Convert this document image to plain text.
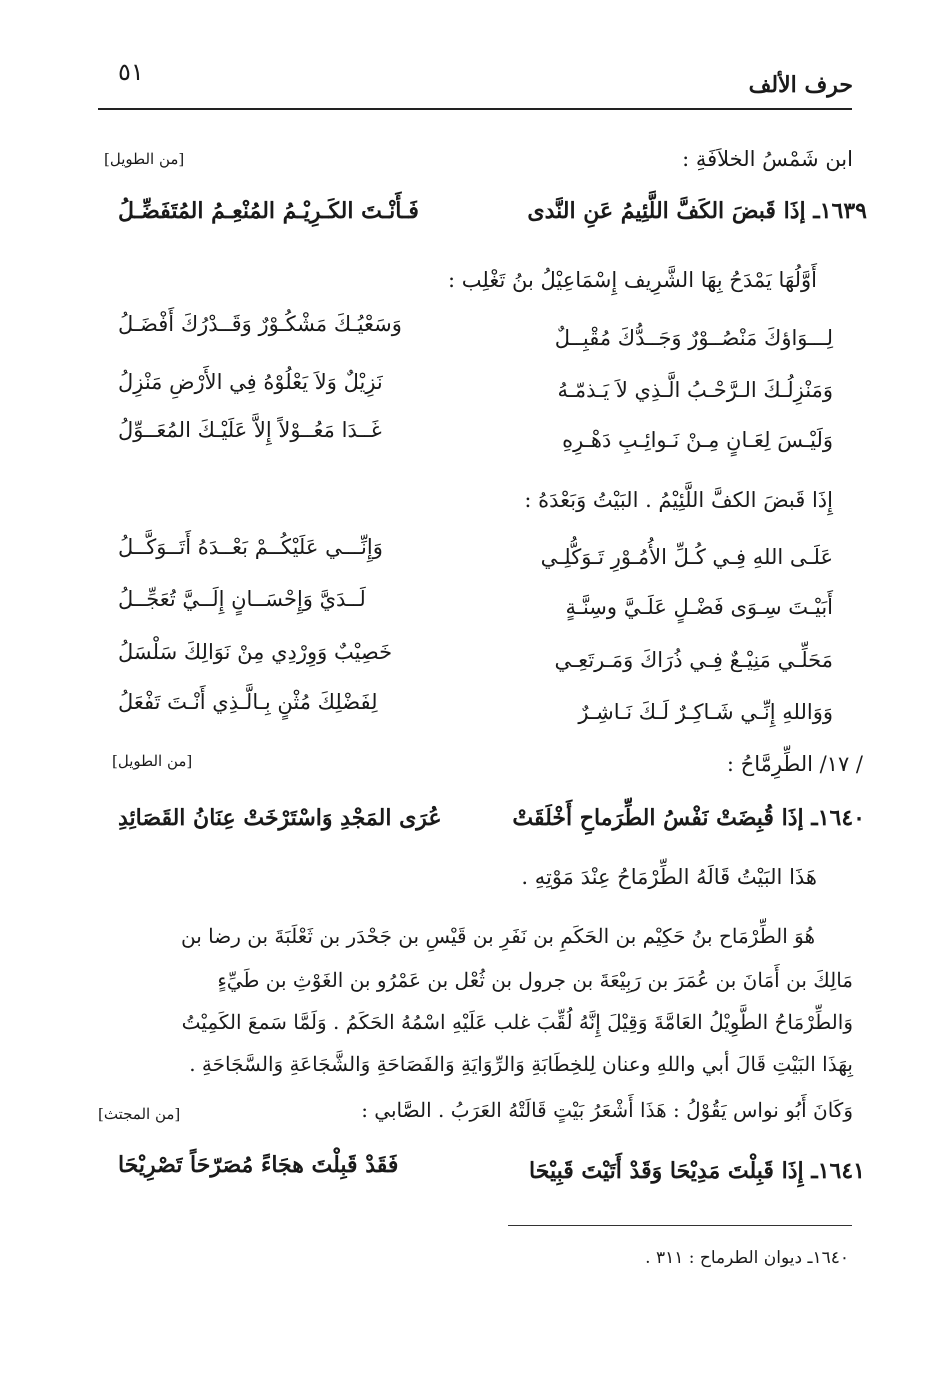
حرف الألف
٥١
ابن شَمْسُ الخلاَفَةِ :
[من الطويل]
١٦٣٩ـ إذَا قَبضَ الكَفَّ اللَّئِيمُ عَنِ النَّدى
فَـأَنْـتَ الكَـرِيْـمُ المُنْعِـمُ المُتَفَضِّـلُ
أَوَّلُهَا يَمْدَحُ بِهَا الشَّرِيف إِسْمَاعِيْلُ بنُ تَغْلِب :
لِـــوَاؤكَ مَنْصُــوْرٌ وَجَــدُّكَ مُقْبِــلٌ
وَسَعْيُـكَ مَشْكُـوْرٌ وَقَــدْرُكَ أَفْضَـلُ
وَمَنْزِلُـكَ الـرَّحْـبُ الَّـذِي لاَ يَـذمّـهُ
نَزِيْلٌ وَلاَ يَعْلُوْهُ فِي الأَرْضِ مَنْزِلُ
وَلَيْـسَ لِعَـانٍ مِـنْ نَـوائِـبِ دَهْـرِهِ
غَــدَا مَعُــوْلاً إِلاَّ عَلَيْـكَ المُعَــوِّلُ
إِذَا قَبضَ الكفَّ اللَّئِيْمُ . البَيْتُ وَبَعْدَهُ :
عَلَـى اللهِ فِـي كُـلِّ الأُمُـوْرِ تَـوَكُّلِـي
وَإِنِّـــي عَلَيْكُــمْ بَعْــدَهُ أَتَــوَكَّــلُ
أَبَيْـتَ سِـوَى فَضْـلٍ عَلَـيَّ وسِنَّـةٍ
لَــدَيَّ وَإِحْسَــانٍ إِلَــيَّ تُعَجِّــلُ
مَحَلِّـي مَنِيْـعٌ فِـي ذُرَاكَ وَمَـرتَعِـي
خَصِيْبٌ وَوِرْدِي مِنْ نَوَالِكَ سَلْسَلُ
وَوَاللهِ إِنِّـي شَـاكِـرٌ لَـكَ نَـاشِـرٌ
لِفَضْلِكَ مُثْنٍ بِـالَّـذِي أَنْـتَ تَفْعَلُ
/ ١٧/ الطِّرِمَّاحُ :
[من الطويل]
١٦٤٠ـ إذَا قُبِضَتْ نَفْسُ الطِّرَماحِ أَخْلَقَتْ
عُرَى المَجْدِ وَاسْتَرْخَتْ عِنَانُ القَصَائِدِ
هَذَا البَيْتُ قَالَهُ الطِّرْمَاحُ عِنْدَ مَوْتِهِ .
هُوَ الطِّرْمَاح بنُ حَكِيْم بن الحَكَمِ بن نَفَرِ بن قَيْسِ بن جَحْدَر بن ثَعْلَبَةَ بن رضا بن
مَالِكَ بن أَمَانَ بن عُمَرَ بن رَبِيْعَةَ بن جرول بن ثُعْل بن عَمْرُو بن الغَوْثِ بن طَيِّءٍ
وَالطِّرْمَاحُ الطَّوِيْلُ العَامَّةَ وَقِيْلَ إِنَّهُ لُقِّبَ غلب عَلَيْهِ اسْمُهُ الحَكَمُ . وَلَمَّا سَمعَ الكَمِيْتُ
بِهَذَا البَيْتِ قَالَ أبي واللهِ وعنان لِلخِطَابَةِ وَالرِّوَايَةِ وَالفَصَاحَةِ وَالشَّجَاعَةِ وَالسَّجَاحَةِ .
وَكَانَ أَبُو نواس يَقُوْلُ : هَذَا أَشْعَرُ بَيْتٍ قَالَتْهُ العَرَبُ . الصَّابي :
[من المجتث]
١٦٤١ـ إِذَا قَبِلْتَ مَدِيْحَا وَقَدْ أَتَيْتَ قَبِيْحَا
فَقَدْ قَبِلْتَ هجَاءً مُصَرّحَاً تَصْرِيْحَا
١٦٤٠ـ ديوان الطرماح : ٣١١ .
